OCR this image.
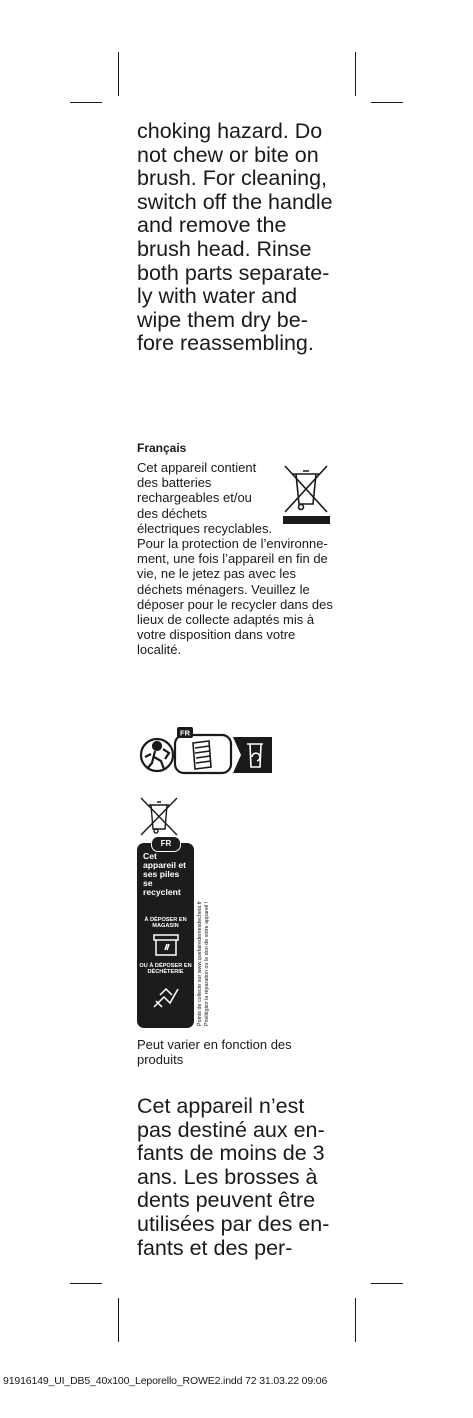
choking hazard. Do not chew or bite on brush. For cleaning, switch off the handle and remove the brush head. Rinse both parts separate-ly with water and wipe them dry be-fore reassembling.

Français

Cet appareil contient des batteries rechargeables et/ou des déchets électriques recyclables. Pour la protection de l’environne-ment, une fois l’appareil en fin de vie, ne le jetez pas avec les déchets ménagers. Veuillez le déposer pour le recycler dans des lieux de collecte adaptés mis à votre disposition dans votre localité.

FR
FR

Cet appareil et ses piles se recyclent

À DÉPOSER EN MAGASIN

OU À DÉPOSER EN DÉCHÈTERIE	Points de collecte sur www.quefairedemesdechets.fr Privilégiez la réparation ou le don de votre appareil !

Peut varier en fonction des produits

Cet appareil n’est pas destiné aux en-fants de moins de 3 ans. Les brosses à dents peuvent être utilisées par des en-fants et des per-

91916149_UI_DB5_40x100_Leporello_ROWE2.indd 72 31.03.22 09:06
